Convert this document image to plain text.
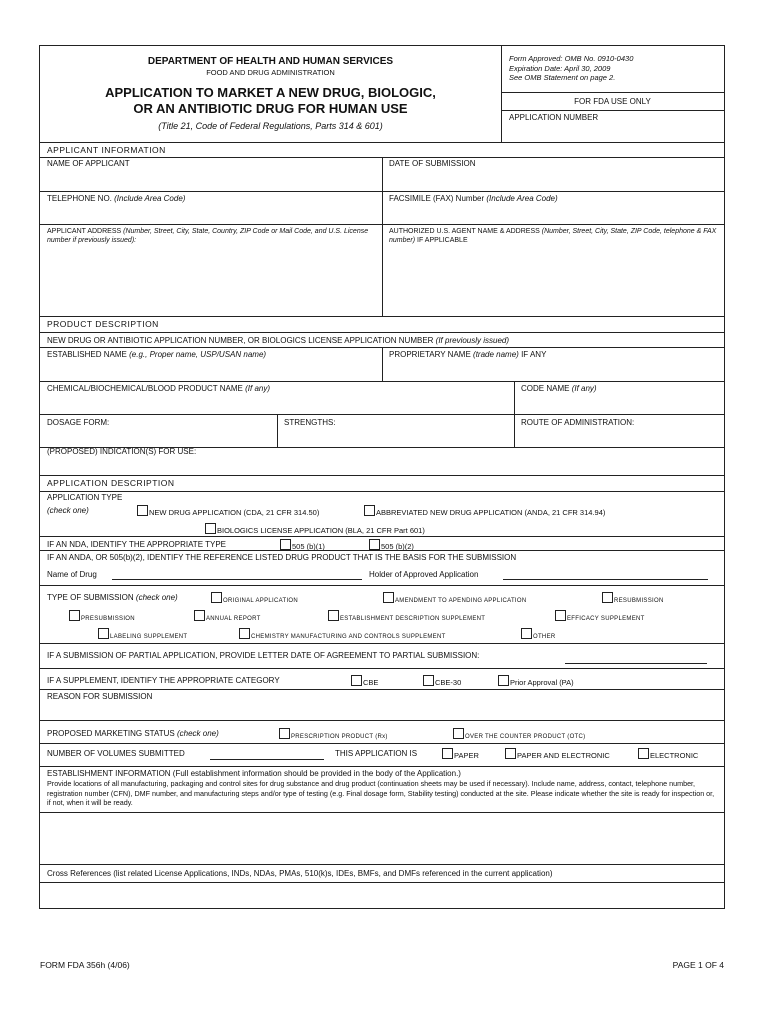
DEPARTMENT OF HEALTH AND HUMAN SERVICES
FOOD AND DRUG ADMINISTRATION
APPLICATION TO MARKET A NEW DRUG, BIOLOGIC,
OR AN ANTIBIOTIC DRUG FOR HUMAN USE
(Title 21, Code of Federal Regulations, Parts 314 & 601)
Form Approved: OMB No. 0910-0430
Expiration Date: April 30, 2009
See OMB Statement on page 2.
FOR FDA USE ONLY
APPLICATION NUMBER
APPLICANT INFORMATION
NAME OF APPLICANT	DATE OF SUBMISSION
TELEPHONE NO. (Include Area Code)	FACSIMILE (FAX) Number (Include Area Code)
APPLICANT ADDRESS (Number, Street, City, State, Country, ZIP Code or Mail Code, and U.S. License number if previously issued):
AUTHORIZED U.S. AGENT NAME & ADDRESS (Number, Street, City, State, ZIP Code, telephone & FAX number) IF APPLICABLE
PRODUCT DESCRIPTION
NEW DRUG OR ANTIBIOTIC APPLICATION NUMBER, OR BIOLOGICS LICENSE APPLICATION NUMBER (If previously issued)
ESTABLISHED NAME (e.g., Proper name, USP/USAN name)	PROPRIETARY NAME (trade name) IF ANY
CHEMICAL/BIOCHEMICAL/BLOOD PRODUCT NAME (If any)	CODE NAME (If any)
DOSAGE FORM:	STRENGTHS:	ROUTE OF ADMINISTRATION:
(PROPOSED) INDICATION(S) FOR USE:
APPLICATION DESCRIPTION
APPLICATION TYPE
(check one)	NEW DRUG APPLICATION (CDA, 21 CFR 314.50)	ABBREVIATED NEW DRUG APPLICATION (ANDA, 21 CFR 314.94)
BIOLOGICS LICENSE APPLICATION (BLA, 21 CFR Part 601)
IF AN NDA, IDENTIFY THE APPROPRIATE TYPE	505 (b)(1)	505 (b)(2)
IF AN ANDA, OR 505(b)(2), IDENTIFY THE REFERENCE LISTED DRUG PRODUCT THAT IS THE BASIS FOR THE SUBMISSION
Name of Drug	Holder of Approved Application
TYPE OF SUBMISSION (check one)	ORIGINAL APPLICATION	AMENDMENT TO APENDING APPLICATION	RESUBMISSION
PRESUBMISSION	ANNUAL REPORT	ESTABLISHMENT DESCRIPTION SUPPLEMENT	EFFICACY SUPPLEMENT
LABELING SUPPLEMENT	CHEMISTRY MANUFACTURING AND CONTROLS SUPPLEMENT	OTHER
IF A SUBMISSION OF PARTIAL APPLICATION, PROVIDE LETTER DATE OF AGREEMENT TO PARTIAL SUBMISSION:
IF A SUPPLEMENT, IDENTIFY THE APPROPRIATE CATEGORY	CBE	CBE-30	Prior Approval (PA)
REASON FOR SUBMISSION
PROPOSED MARKETING STATUS (check one)	PRESCRIPTION PRODUCT (Rx)	OVER THE COUNTER PRODUCT (OTC)
NUMBER OF VOLUMES SUBMITTED	THIS APPLICATION IS	PAPER	PAPER AND ELECTRONIC	ELECTRONIC
ESTABLISHMENT INFORMATION (Full establishment information should be provided in the body of the Application.)
Provide locations of all manufacturing, packaging and control sites for drug substance and drug product (continuation sheets may be used if necessary). Include name, address, contact, telephone number, registration number (CFN), DMF number, and manufacturing steps and/or type of testing (e.g. Final dosage form, Stability testing) conducted at the site. Please indicate whether the site is ready for inspection or, if not, when it will be ready.
Cross References (list related License Applications, INDs, NDAs, PMAs, 510(k)s, IDEs, BMFs, and DMFs referenced in the current application)
FORM FDA 356h (4/06)	PAGE 1 OF 4
